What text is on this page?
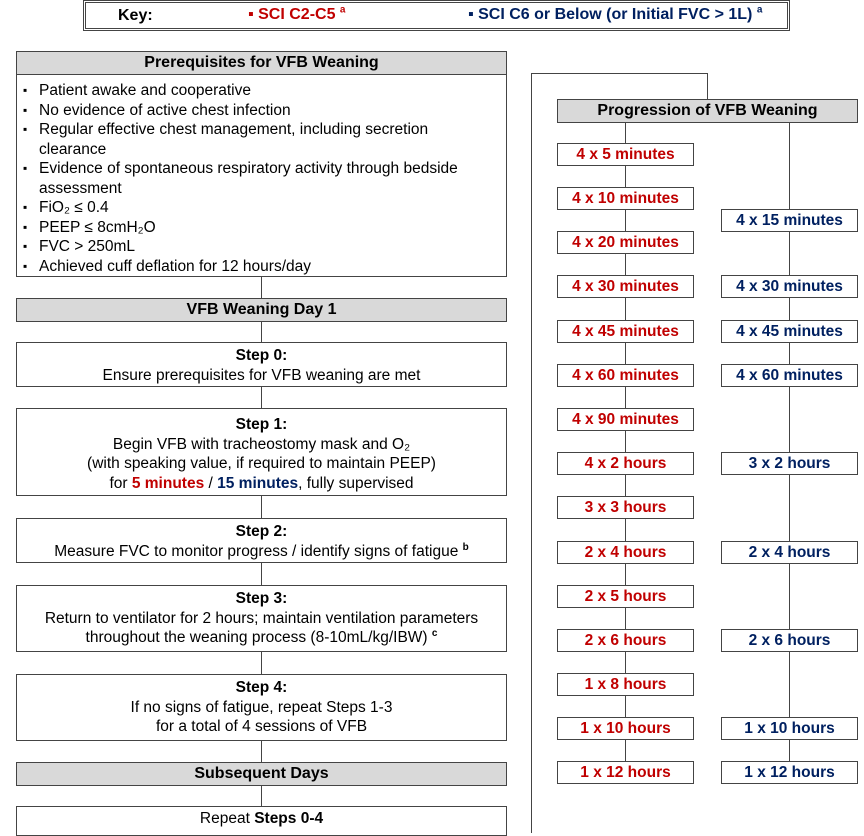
Key:	▪ SCI C2-C5 $^a$	▪ SCI C6 or Below (or Initial FVC > 1L) $^a$
Prerequisites for VFB Weaning
▪ Patient awake and cooperative
▪ No evidence of active chest infection
▪ Regular effective chest management, including secretion clearance
▪ Evidence of spontaneous respiratory activity through bedside assessment
▪ FiO₂ ≤ 0.4
▪ PEEP ≤ 8cmH₂O
▪ FVC > 250mL
▪ Achieved cuff deflation for 12 hours/day
VFB Weaning Day 1
Step 0:
Ensure prerequisites for VFB weaning are met
Step 1:
Begin VFB with tracheostomy mask and O₂
(with speaking value, if required to maintain PEEP)
for 5 minutes / 15 minutes, fully supervised
Step 2:
Measure FVC to monitor progress / identify signs of fatigue $^b$
Step 3:
Return to ventilator for 2 hours; maintain ventilation parameters
throughout the weaning process (8-10mL/kg/IBW) $^c$
Step 4:
If no signs of fatigue, repeat Steps 1-3
for a total of 4 sessions of VFB
Subsequent Days
Repeat Steps 0-4
Progression of VFB Weaning
4 x 5 minutes
4 x 10 minutes
4 x 20 minutes
4 x 30 minutes
4 x 45 minutes
4 x 60 minutes
4 x 90 minutes
4 x 2 hours
3 x 3 hours
2 x 4 hours
2 x 5 hours
2 x 6 hours
1 x 8 hours
1 x 10 hours
1 x 12 hours
4 x 15 minutes
4 x 30 minutes
4 x 45 minutes
4 x 60 minutes
3 x 2 hours
2 x 4 hours
2 x 6 hours
1 x 10 hours
1 x 12 hours
